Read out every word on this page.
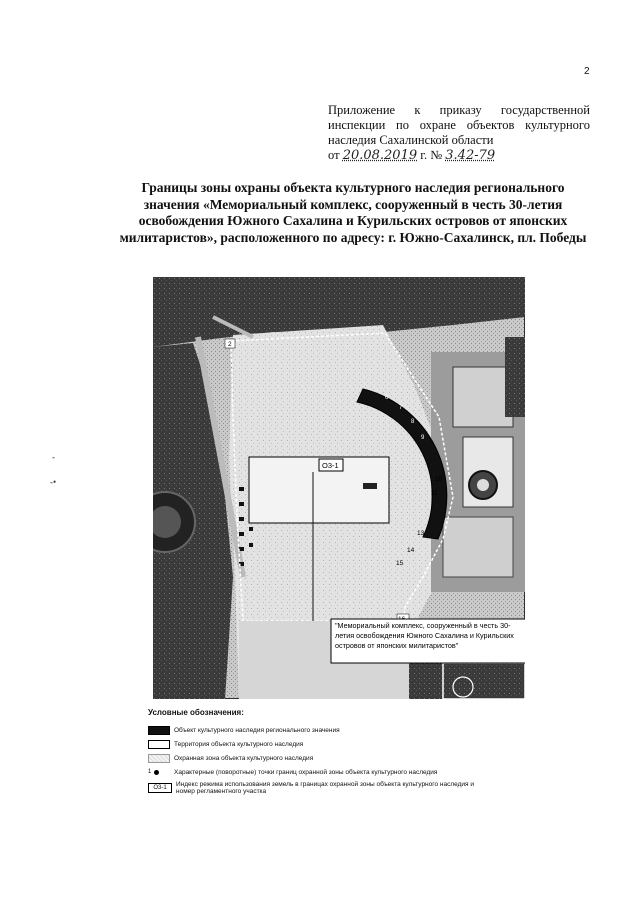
2
Приложение к приказу государственной
инспекции по охране объектов культурного
наследия Сахалинской области
от 20.08.2019 г. № 3.42-79
Границы зоны охраны объекта культурного наследия регионального значения «Мемориальный комплекс, сооруженный в честь 30-летия освобождения Южного Сахалина и Курильских островов от японских милитаристов», расположенного по адресу: г. Южно-Сахалинск, пл. Победы
-
-•
6
7
8
9
О3-1
2
10
11
13
14
15
"Мемориальный комплекс, сооруженный в честь 30-летия освобождения Южного Сахалина и Курильских островов от японских милитаристов"
Условные обозначения:
Объект культурного наследия регионального значения
Территория объекта культурного наследия
Охранная зона объекта культурного наследия
1	Характерные (поворотные) точки границ охранной зоны объекта культурного наследия
О3-1	Индекс режима использования земель в границах охранной зоны объекта культурного наследия и номер регламентного участка
